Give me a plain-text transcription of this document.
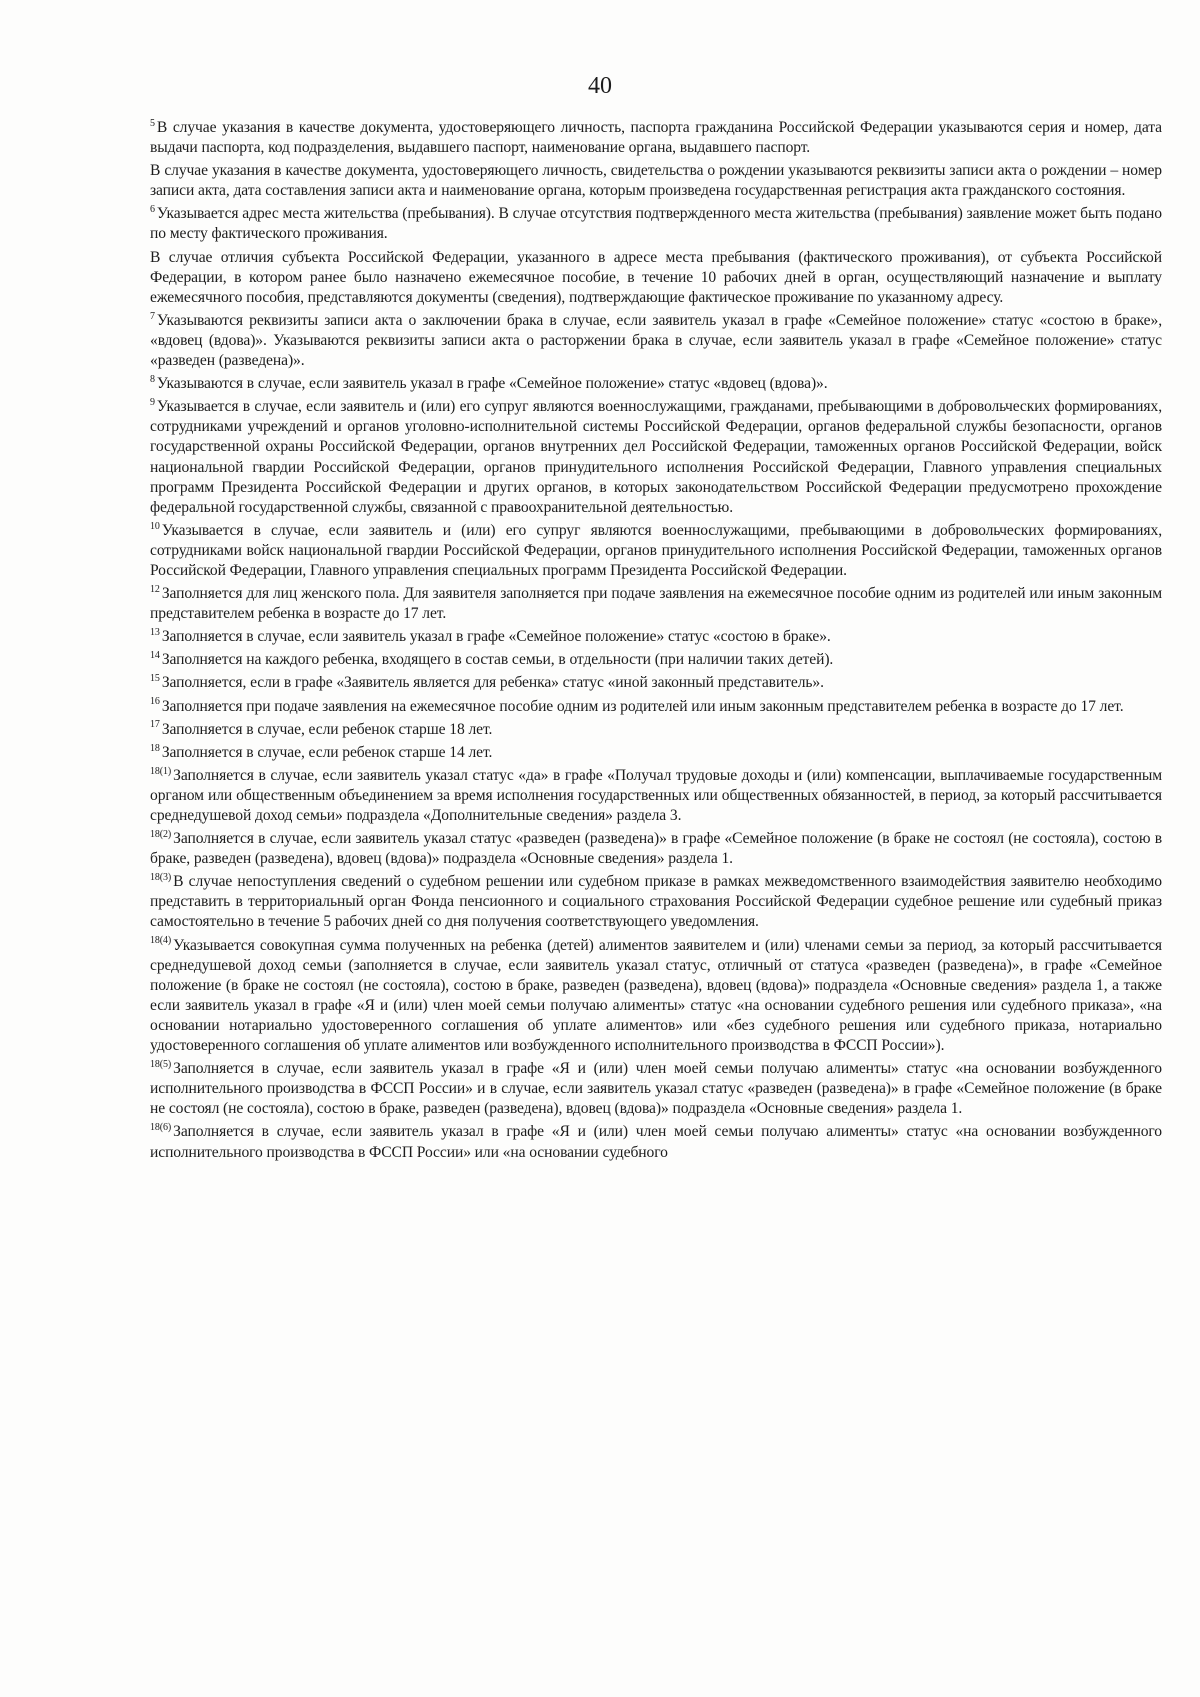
40

$^5$ В случае указания в качестве документа, удостоверяющего личность, паспорта гражданина Российской Федерации указываются серия и номер, дата выдачи паспорта, код подразделения, выдавшего паспорт, наименование органа, выдавшего паспорт.

В случае указания в качестве документа, удостоверяющего личность, свидетельства о рождении указываются реквизиты записи акта о рождении – номер записи акта, дата составления записи акта и наименование органа, которым произведена государственная регистрация акта гражданского состояния.

$^6$ Указывается адрес места жительства (пребывания). В случае отсутствия подтвержденного места жительства (пребывания) заявление может быть подано по месту фактического проживания.

В случае отличия субъекта Российской Федерации, указанного в адресе места пребывания (фактического проживания), от субъекта Российской Федерации, в котором ранее было назначено ежемесячное пособие, в течение 10 рабочих дней в орган, осуществляющий назначение и выплату ежемесячного пособия, представляются документы (сведения), подтверждающие фактическое проживание по указанному адресу.

$^7$ Указываются реквизиты записи акта о заключении брака в случае, если заявитель указал в графе «Семейное положение» статус «состою в браке», «вдовец (вдова)». Указываются реквизиты записи акта о расторжении брака в случае, если заявитель указал в графе «Семейное положение» статус «разведен (разведена)».

$^8$ Указываются в случае, если заявитель указал в графе «Семейное положение» статус «вдовец (вдова)».

$^9$ Указывается в случае, если заявитель и (или) его супруг являются военнослужащими, гражданами, пребывающими в добровольческих формированиях, сотрудниками учреждений и органов уголовно-исполнительной системы Российской Федерации, органов федеральной службы безопасности, органов государственной охраны Российской Федерации, органов внутренних дел Российской Федерации, таможенных органов Российской Федерации, войск национальной гвардии Российской Федерации, органов принудительного исполнения Российской Федерации, Главного управления специальных программ Президента Российской Федерации и других органов, в которых законодательством Российской Федерации предусмотрено прохождение федеральной государственной службы, связанной с правоохранительной деятельностью.

$^{10}$ Указывается в случае, если заявитель и (или) его супруг являются военнослужащими, пребывающими в добровольческих формированиях, сотрудниками войск национальной гвардии Российской Федерации, органов принудительного исполнения Российской Федерации, таможенных органов Российской Федерации, Главного управления специальных программ Президента Российской Федерации.

$^{12}$ Заполняется для лиц женского пола. Для заявителя заполняется при подаче заявления на ежемесячное пособие одним из родителей или иным законным представителем ребенка в возрасте до 17 лет.

$^{13}$ Заполняется в случае, если заявитель указал в графе «Семейное положение» статус «состою в браке».

$^{14}$ Заполняется на каждого ребенка, входящего в состав семьи, в отдельности (при наличии таких детей).

$^{15}$ Заполняется, если в графе «Заявитель является для ребенка» статус «иной законный представитель».

$^{16}$ Заполняется при подаче заявления на ежемесячное пособие одним из родителей или иным законным представителем ребенка в возрасте до 17 лет.

$^{17}$ Заполняется в случае, если ребенок старше 18 лет.

$^{18}$ Заполняется в случае, если ребенок старше 14 лет.

$^{18(1)}$ Заполняется в случае, если заявитель указал статус «да» в графе «Получал трудовые доходы и (или) компенсации, выплачиваемые государственным органом или общественным объединением за время исполнения государственных или общественных обязанностей, в период, за который рассчитывается среднедушевой доход семьи» подраздела «Дополнительные сведения» раздела 3.

$^{18(2)}$ Заполняется в случае, если заявитель указал статус «разведен (разведена)» в графе «Семейное положение (в браке не состоял (не состояла), состою в браке, разведен (разведена), вдовец (вдова)» подраздела «Основные сведения» раздела 1.

$^{18(3)}$ В случае непоступления сведений о судебном решении или судебном приказе в рамках межведомственного взаимодействия заявителю необходимо представить в территориальный орган Фонда пенсионного и социального страхования Российской Федерации судебное решение или судебный приказ самостоятельно в течение 5 рабочих дней со дня получения соответствующего уведомления.

$^{18(4)}$ Указывается совокупная сумма полученных на ребенка (детей) алиментов заявителем и (или) членами семьи за период, за который рассчитывается среднедушевой доход семьи (заполняется в случае, если заявитель указал статус, отличный от статуса «разведен (разведена)», в графе «Семейное положение (в браке не состоял (не состояла), состою в браке, разведен (разведена), вдовец (вдова)» подраздела «Основные сведения» раздела 1, а также если заявитель указал в графе «Я и (или) член моей семьи получаю алименты» статус «на основании судебного решения или судебного приказа», «на основании нотариально удостоверенного соглашения об уплате алиментов» или «без судебного решения или судебного приказа, нотариально удостоверенного соглашения об уплате алиментов или возбужденного исполнительного производства в ФССП России»).

$^{18(5)}$ Заполняется в случае, если заявитель указал в графе «Я и (или) член моей семьи получаю алименты» статус «на основании возбужденного исполнительного производства в ФССП России» и в случае, если заявитель указал статус «разведен (разведена)» в графе «Семейное положение (в браке не состоял (не состояла), состою в браке, разведен (разведена), вдовец (вдова)» подраздела «Основные сведения» раздела 1.

$^{18(6)}$ Заполняется в случае, если заявитель указал в графе «Я и (или) член моей семьи получаю алименты» статус «на основании возбужденного исполнительного производства в ФССП России» или «на основании судебного
